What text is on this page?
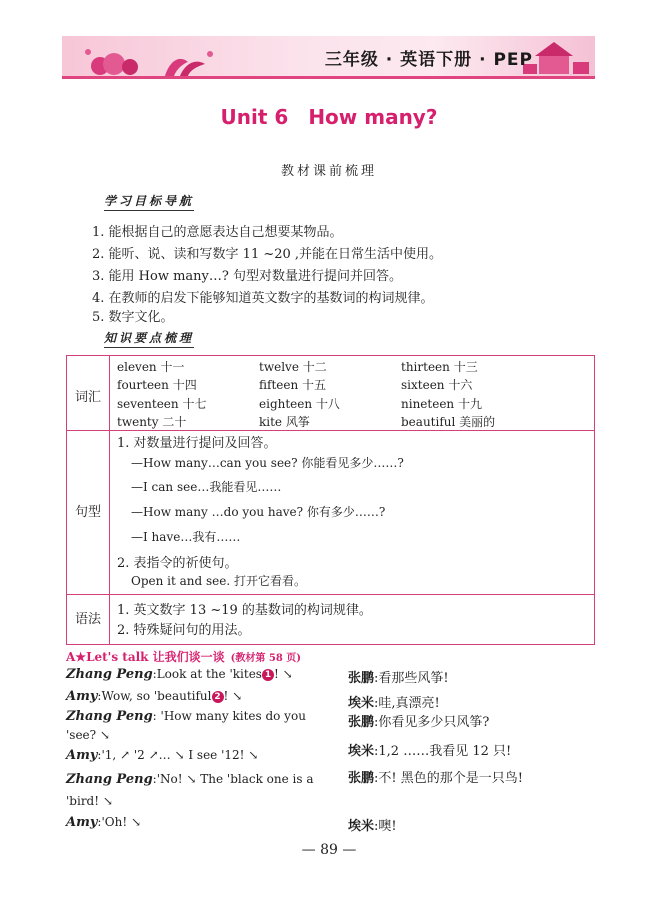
三年级 · 英语下册 · PEP
Unit 6 How many?
教材课前梳理
学习目标导航
1. 能根据自己的意愿表达自己想要某物品。
2. 能听、说、读和写数字 11 ~20 ,并能在日常生活中使用。
3. 能用 How many…? 句型对数量进行提问并回答。
4. 在教师的启发下能够知道英文数字的基数词的构词规律。
5. 数字文化。
知识要点梳理
词汇
eleven 十一	twelve 十二	thirteen 十三
fourteen 十四	fifteen 十五	sixteen 十六
seventeen 十七	eighteen 十八	nineteen 十九
twenty 二十	kite 风筝	beautiful 美丽的
句型
1. 对数量进行提问及回答。
—How many…can you see? 你能看见多少……?
—I can see…我能看见……
—How many …do you have? 你有多少……?
—I have…我有……
2. 表指令的祈使句。
Open it and see. 打开它看看。
语法
1. 英文数字 13 ~19 的基数词的构词规律。
2. 特殊疑问句的用法。
A★Let's talk 让我们谈一谈 (教材第 58 页)
Zhang Peng:Look at the 'kites 1 ! ↘
Amy:Wow, so 'beautiful 2 ! ↘
Zhang Peng: 'How many kites do you
'see? ↘
Amy:'1, ↗ '2 ↗… ↘ I see '12! ↘
Zhang Peng:'No! ↘ The 'black one is a
'bird! ↘
Amy:'Oh! ↘
张鹏:看那些风筝!
埃米:哇,真漂亮!
张鹏:你看见多少只风筝?
埃米:1,2 ……我看见 12 只!
张鹏:不! 黑色的那个是一只鸟!
埃米:噢!
— 89 —
